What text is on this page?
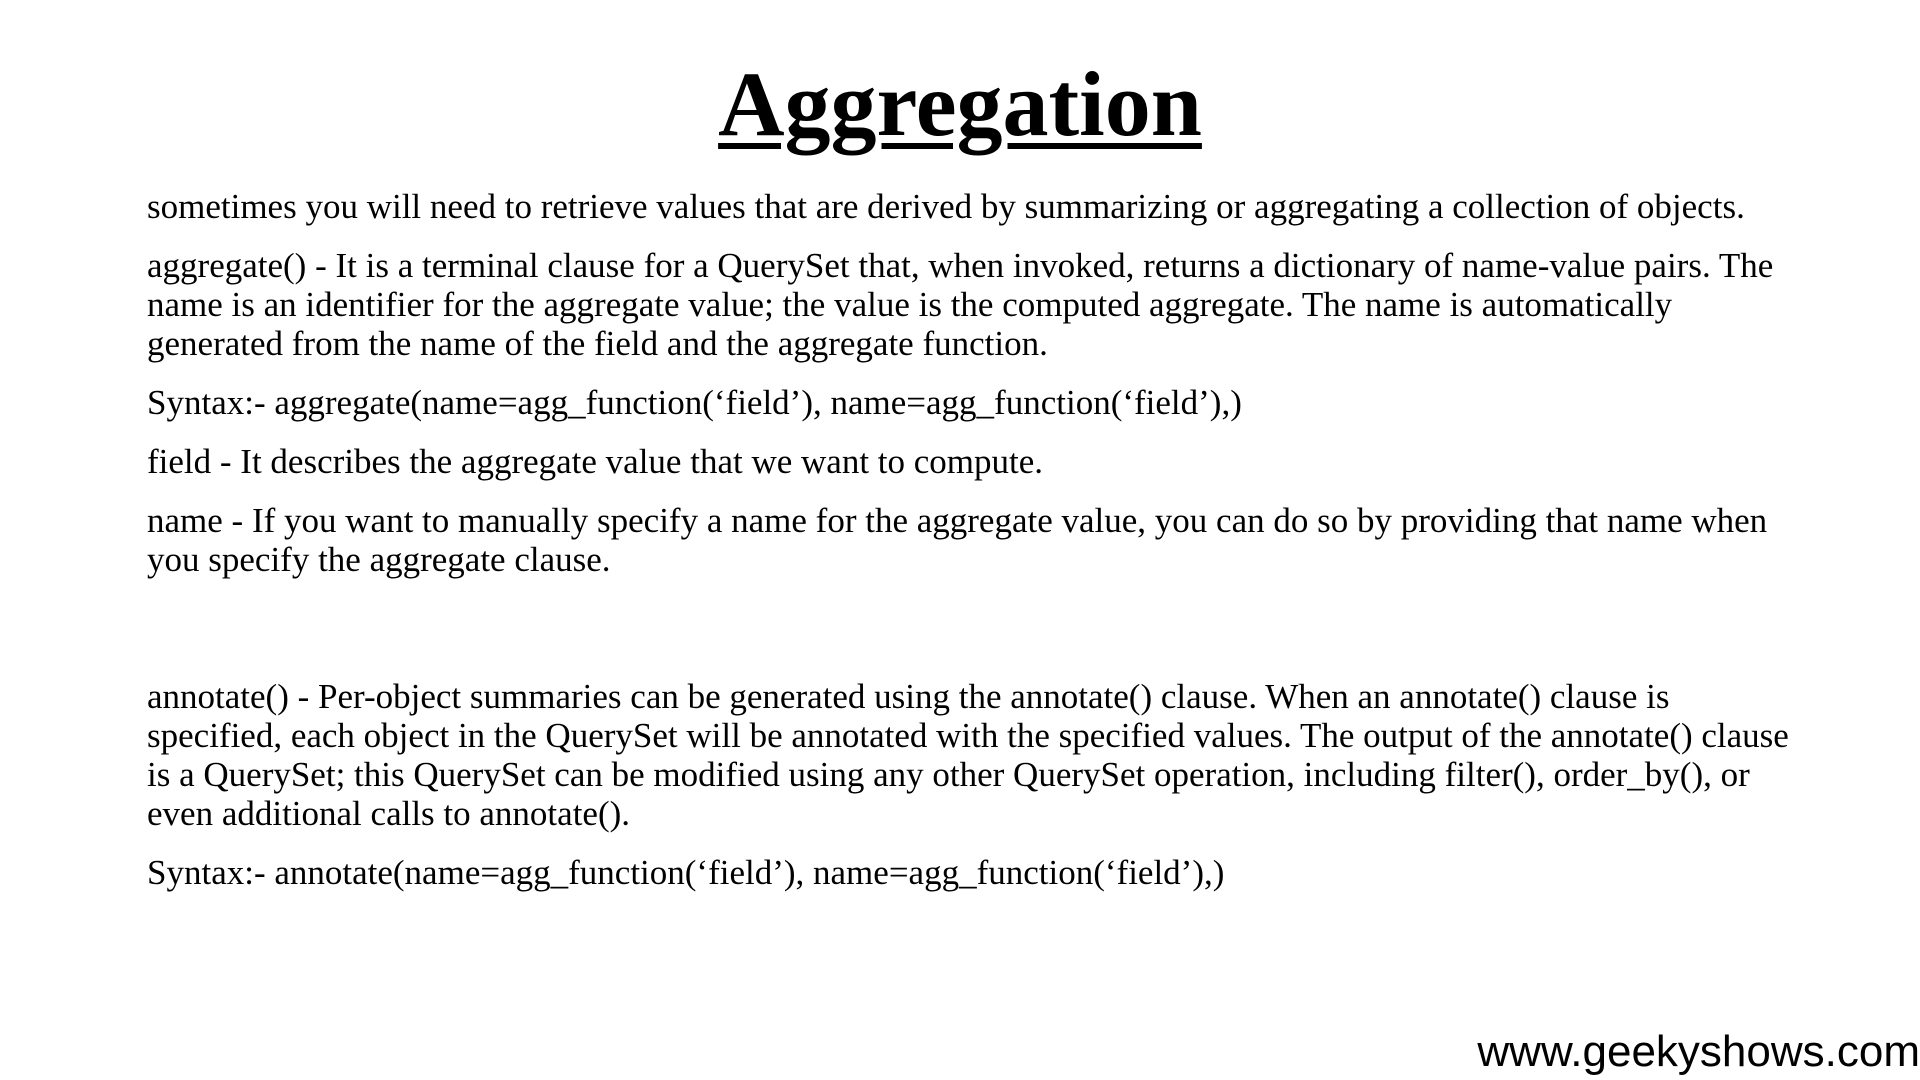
Aggregation

sometimes you will need to retrieve values that are derived by summarizing or aggregating a collection of objects.

aggregate() - It is a terminal clause for a QuerySet that, when invoked, returns a dictionary of name-value pairs. The name is an identifier for the aggregate value; the value is the computed aggregate. The name is automatically generated from the name of the field and the aggregate function.

Syntax:- aggregate(name=agg_function(‘field’), name=agg_function(‘field’),)

field - It describes the aggregate value that we want to compute.

name - If you want to manually specify a name for the aggregate value, you can do so by providing that name when you specify the aggregate clause.

annotate() - Per-object summaries can be generated using the annotate() clause. When an annotate() clause is specified, each object in the QuerySet will be annotated with the specified values. The output of the annotate() clause is a QuerySet; this QuerySet can be modified using any other QuerySet operation, including filter(), order_by(), or even additional calls to annotate().

Syntax:- annotate(name=agg_function(‘field’), name=agg_function(‘field’),)

www.geekyshows.com
